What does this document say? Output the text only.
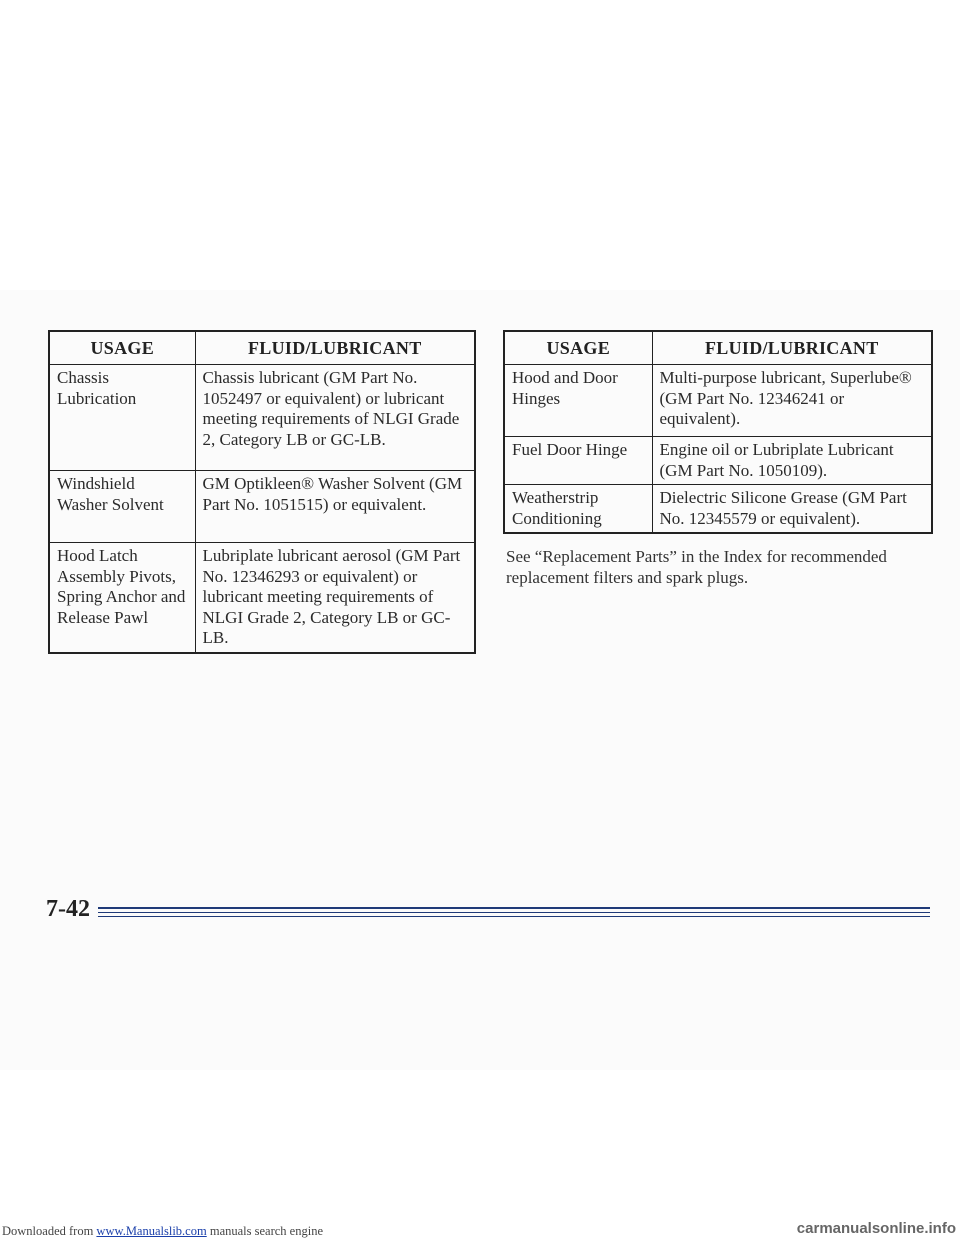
USAGE	FLUID/LUBRICANT
Chassis Lubrication	Chassis lubricant (GM Part No. 1052497 or equivalent) or lubricant meeting requirements of NLGI Grade 2, Category LB or GC-LB.
Windshield Washer Solvent	GM Optikleen® Washer Solvent (GM Part No. 1051515) or equivalent.
Hood Latch Assembly Pivots, Spring Anchor and Release Pawl	Lubriplate lubricant aerosol (GM Part No. 12346293 or equivalent) or lubricant meeting requirements of NLGI Grade 2, Category LB or GC-LB.
USAGE	FLUID/LUBRICANT
Hood and Door Hinges	Multi-purpose lubricant, Superlube® (GM Part No. 12346241 or equivalent).
Fuel Door Hinge	Engine oil or Lubriplate Lubricant (GM Part No. 1050109).
Weatherstrip Conditioning	Dielectric Silicone Grease (GM Part No. 12345579 or equivalent).
See “Replacement Parts” in the Index for recommended replacement filters and spark plugs.
7-42
Downloaded from www.Manualslib.com manuals search engine	carmanualsonline.info
